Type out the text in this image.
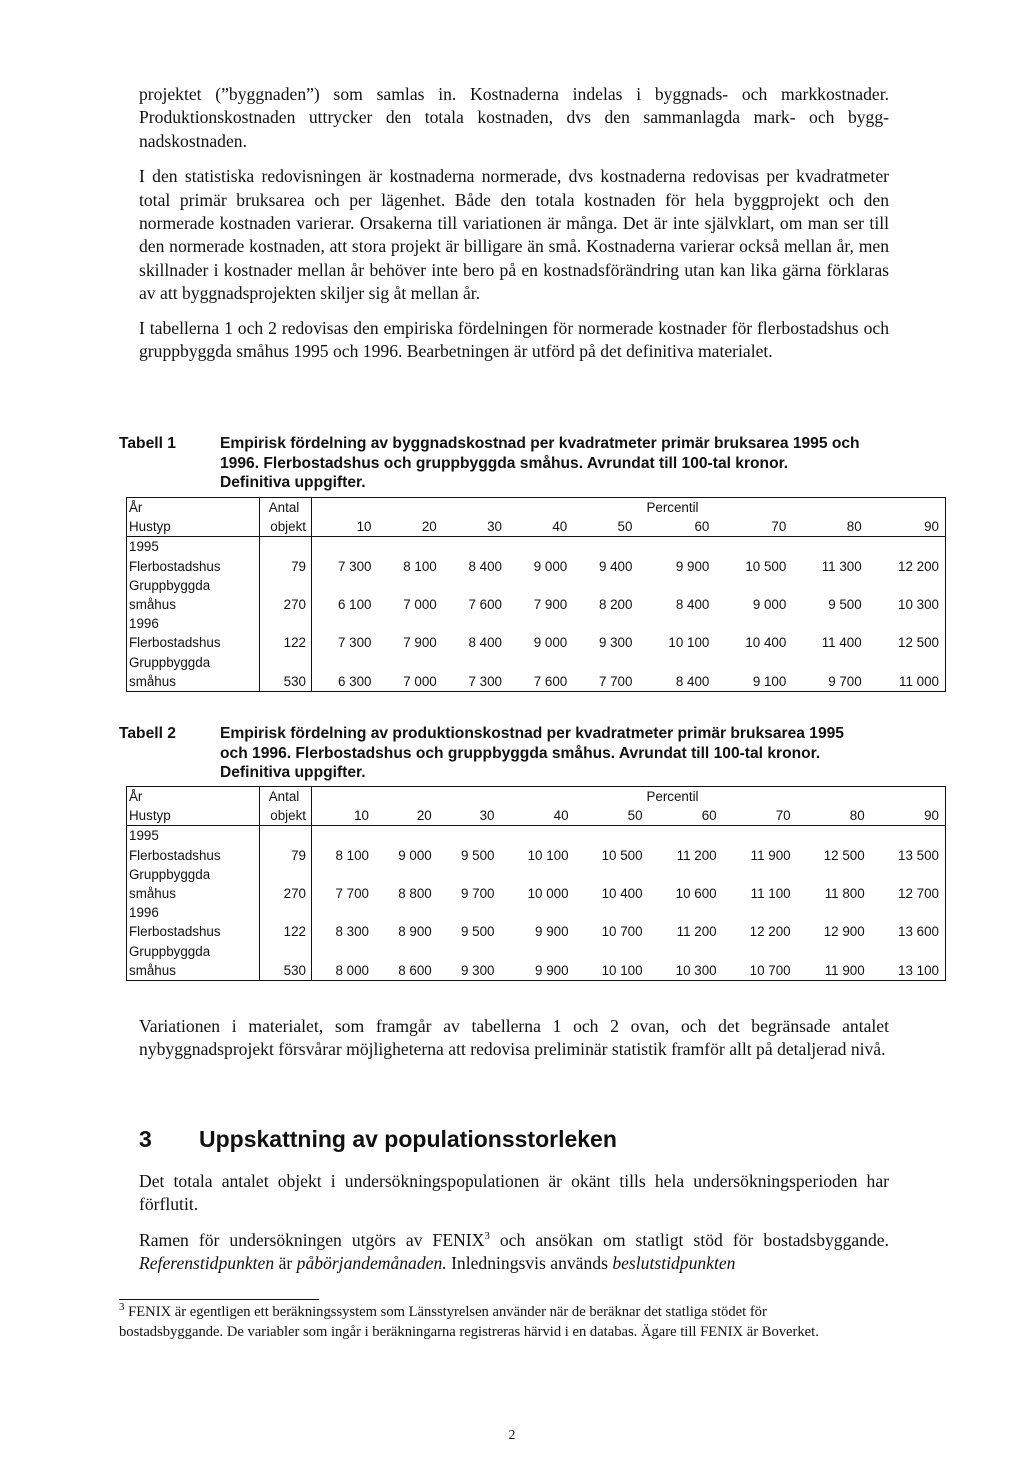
projektet (”byggnaden”) som samlas in. Kostnaderna indelas i byggnads- och markkostnader. Produktionskostnaden uttrycker den totala kostnaden, dvs den sammanlagda mark- och byggnadskostnaden.

I den statistiska redovisningen är kostnaderna normerade, dvs kostnaderna redovisas per kvadratmeter total primär bruksarea och per lägenhet. Både den totala kostnaden för hela byggprojekt och den normerade kostnaden varierar. Orsakerna till variationen är många. Det är inte självklart, om man ser till den normerade kostnaden, att stora projekt är billigare än små. Kostnaderna varierar också mellan år, men skillnader i kostnader mellan år behöver inte bero på en kostnadsförändring utan kan lika gärna förklaras av att byggnadsprojekten skiljer sig åt mellan år.

I tabellerna 1 och 2 redovisas den empiriska fördelningen för normerade kostnader för flerbostadshus och gruppbyggda småhus 1995 och 1996. Bearbetningen är utförd på det definitiva materialet.

Tabell 1	Empirisk fördelning av byggnadskostnad per kvadratmeter primär bruksarea 1995 och 1996. Flerbostadshus och gruppbyggda småhus. Avrundat till 100-tal kronor. Definitiva uppgifter.
År	Antal	Percentil								
Hustyp	objekt	10	20	30	40	50	60	70	80	90
1995										
Flerbostadshus	79	7 300	8 100	8 400	9 000	9 400	9 900	10 500	11 300	12 200
Gruppbyggda										
småhus	270	6 100	7 000	7 600	7 900	8 200	8 400	9 000	9 500	10 300
1996										
Flerbostadshus	122	7 300	7 900	8 400	9 000	9 300	10 100	10 400	11 400	12 500
Gruppbyggda										
småhus	530	6 300	7 000	7 300	7 600	7 700	8 400	9 100	9 700	11 000
Tabell 2	Empirisk fördelning av produktionskostnad per kvadratmeter primär bruksarea 1995 och 1996. Flerbostadshus och gruppbyggda småhus. Avrundat till 100-tal kronor. Definitiva uppgifter.
År	Antal	Percentil								
Hustyp	objekt	10	20	30	40	50	60	70	80	90
1995										
Flerbostadshus	79	8 100	9 000	9 500	10 100	10 500	11 200	11 900	12 500	13 500
Gruppbyggda										
småhus	270	7 700	8 800	9 700	10 000	10 400	10 600	11 100	11 800	12 700
1996										
Flerbostadshus	122	8 300	8 900	9 500	9 900	10 700	11 200	12 200	12 900	13 600
Gruppbyggda										
småhus	530	8 000	8 600	9 300	9 900	10 100	10 300	10 700	11 900	13 100

Variationen i materialet, som framgår av tabellerna 1 och 2 ovan, och det begränsade antalet nybyggnadsprojekt försvårar möjligheterna att redovisa preliminär statistik framför allt på detaljerad nivå.

3 Uppskattning av populationsstorleken

Det totala antalet objekt i undersökningspopulationen är okänt tills hela undersökningsperioden har förflutit.

Ramen för undersökningen utgörs av FENIX$^3$ och ansökan om statligt stöd för bostadsbyggande. Referenstidpunkten är påbörjandemånaden. Inledningsvis används beslutstidpunkten

$^3$ FENIX är egentligen ett beräkningssystem som Länsstyrelsen använder när de beräknar det statliga stödet för bostadsbyggande. De variabler som ingår i beräkningarna registreras härvid i en databas. Ägare till FENIX är Boverket.
2
